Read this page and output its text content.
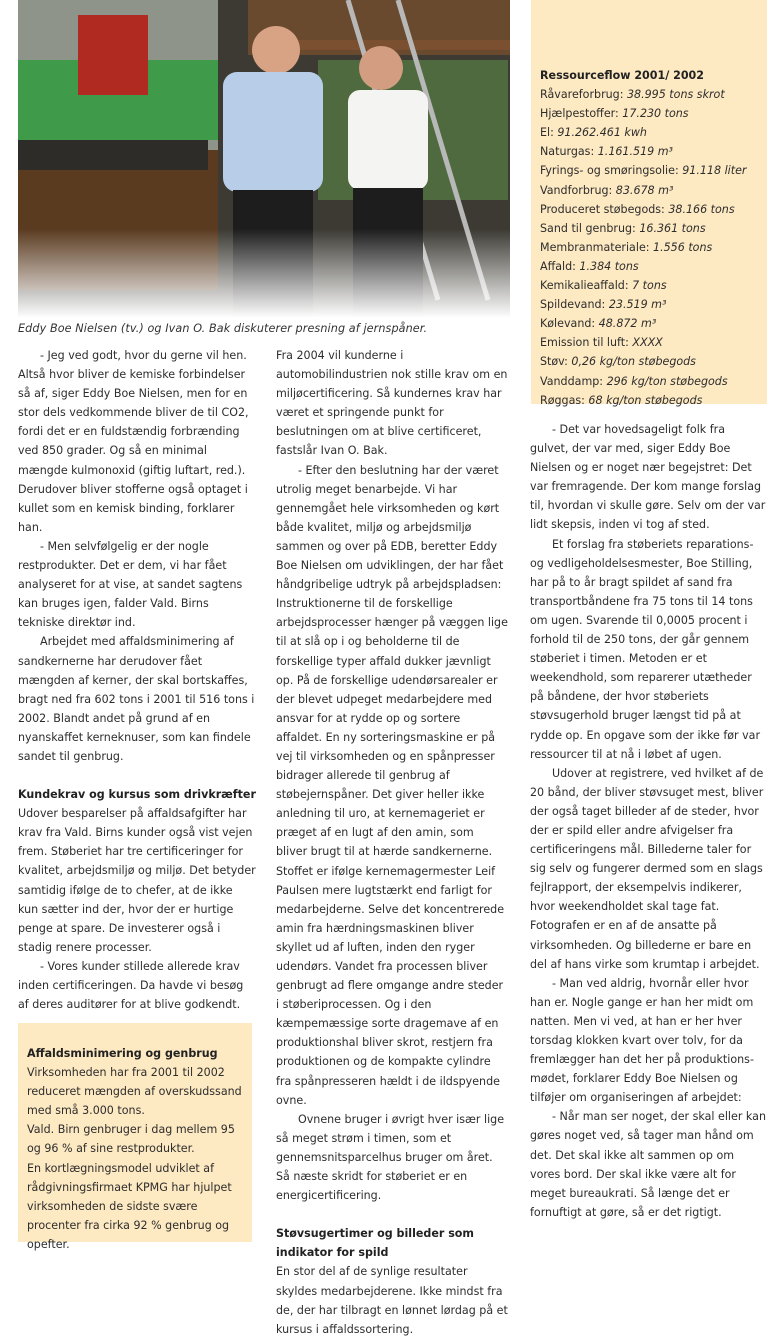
Eddy Boe Nielsen (tv.) og Ivan O. Bak diskuterer presning af jernspåner.
Ressourceflow 2001/ 2002
Råvareforbrug: 38.995 tons skrot
Hjælpestoffer: 17.230 tons
El: 91.262.461 kwh
Naturgas: 1.161.519 m³
Fyrings- og smøringsolie: 91.118 liter
Vandforbrug: 83.678 m³
Produceret støbegods: 38.166 tons
Sand til genbrug: 16.361 tons
Membranmateriale: 1.556 tons
Affald: 1.384 tons
Kemikalieaffald: 7 tons
Spildevand: 23.519 m³
Kølevand: 48.872 m³
Emission til luft: XXXX
Støv: 0,26 kg/ton støbegods
Vanddamp: 296 kg/ton støbegods
Røggas: 68 kg/ton støbegods

- Jeg ved godt, hvor du gerne vil hen. Altså hvor bliver de kemiske forbindelser så af, siger Eddy Boe Nielsen, men for en stor dels vedkommende bliver de til CO2, fordi det er en fuldstændig forbrænding ved 850 grader. Og så en minimal mængde kulmonoxid (giftig luftart, red.). Derudover bliver stofferne også optaget i kullet som en kemisk binding, forklarer han.

- Men selvfølgelig er der nogle restprodukter. Det er dem, vi har fået analyseret for at vise, at sandet sagtens kan bruges igen, falder Vald. Birns tekniske direktør ind.

Arbejdet med affaldsminimering af sandkernerne har derudover fået mængden af kerner, der skal bortskaffes, bragt ned fra 602 tons i 2001 til 516 tons i 2002. Blandt andet på grund af en nyanskaffet kerneknuser, som kan findele sandet til genbrug.

Kundekrav og kursus som drivkræfter

Udover besparelser på affaldsafgifter har krav fra Vald. Birns kunder også vist vejen frem. Støberiet har tre certificeringer for kvalitet, arbejdsmiljø og miljø. Det betyder samtidig ifølge de to chefer, at de ikke kun sætter ind der, hvor der er hurtige penge at spare. De investerer også i stadig renere processer.

- Vores kunder stillede allerede krav inden certificeringen. Da havde vi besøg af deres auditører for at blive godkendt.

Affaldsminimering og genbrug
Virksomheden har fra 2001 til 2002 reduceret mængden af overskudssand med små 3.000 tons.
Vald. Birn genbruger i dag mellem 95 og 96 % af sine restprodukter.
En kortlægningsmodel udviklet af rådgivningsfirmaet KPMG har hjulpet virksomheden de sidste svære procenter fra cirka 92 % genbrug og opefter.

Fra 2004 vil kunderne i automobilindustrien nok stille krav om en miljøcertificering. Så kundernes krav har været et springende punkt for beslutningen om at blive certificeret, fastslår Ivan O. Bak.

- Efter den beslutning har der været utrolig meget benarbejde. Vi har gennemgået hele virksomheden og kørt både kvalitet, miljø og arbejdsmiljø sammen og over på EDB, beretter Eddy Boe Nielsen om udviklingen, der har fået håndgribelige udtryk på arbejdspladsen: Instruktionerne til de forskellige arbejdsprocesser hænger på væggen lige til at slå op i og beholderne til de forskellige typer affald dukker jævnligt op. På de forskellige udendørsarealer er der blevet udpeget medarbejdere med ansvar for at rydde op og sortere affaldet. En ny sorteringsmaskine er på vej til virksomheden og en spånpresser bidrager allerede til genbrug af støbejernspåner. Det giver heller ikke anledning til uro, at kernemageriet er præget af en lugt af den amin, som bliver brugt til at hærde sandkernerne. Stoffet er ifølge kernemagermester Leif Paulsen mere lugtstærkt end farligt for medarbejderne. Selve det koncentrerede amin fra hærdningsmaskinen bliver skyllet ud af luften, inden den ryger udendørs. Vandet fra processen bliver genbrugt ad flere omgange andre steder i støberiprocessen. Og i den kæmpemæssige sorte dragemave af en produktionshal bliver skrot, restjern fra produktionen og de kompakte cylindre fra spånpresseren hældt i de ildspyende ovne.

Ovnene bruger i øvrigt hver især lige så meget strøm i timen, som et gennemsnitsparcelhus bruger om året. Så næste skridt for støberiet er en energicertificering.

Støvsugertimer og billeder som indikator for spild

En stor del af de synlige resultater skyldes medarbejderene. Ikke mindst fra de, der har tilbragt en lønnet lørdag på et kursus i affaldssortering.

- Det var hovedsageligt folk fra gulvet, der var med, siger Eddy Boe Nielsen og er noget nær begejstret: Det var fremragende. Der kom mange forslag til, hvordan vi skulle gøre. Selv om der var lidt skepsis, inden vi tog af sted.

Et forslag fra støberiets reparations- og vedligeholdelsesmester, Boe Stilling, har på to år bragt spildet af sand fra transportbåndene fra 75 tons til 14 tons om ugen. Svarende til 0,0005 procent i forhold til de 250 tons, der går gennem støberiet i timen. Metoden er et weekendhold, som reparerer utætheder på båndene, der hvor støberiets støvsugerhold bruger længst tid på at rydde op. En opgave som der ikke før var ressourcer til at nå i løbet af ugen.

Udover at registrere, ved hvilket af de 20 bånd, der bliver støvsuget mest, bliver der også taget billeder af de steder, hvor der er spild eller andre afvigelser fra certificeringens mål. Billederne taler for sig selv og fungerer dermed som en slags fejlrapport, der eksempelvis indikerer, hvor weekendholdet skal tage fat. Fotografen er en af de ansatte på virksomheden. Og billederne er bare en del af hans virke som krumtap i arbejdet.

- Man ved aldrig, hvornår eller hvor han er. Nogle gange er han her midt om natten. Men vi ved, at han er her hver torsdag klokken kvart over tolv, for da fremlægger han det her på produktions-mødet, forklarer Eddy Boe Nielsen og tilføjer om organiseringen af arbejdet:

- Når man ser noget, der skal eller kan gøres noget ved, så tager man hånd om det. Det skal ikke alt sammen op om vores bord. Der skal ikke være alt for meget bureaukrati. Så længe det er fornuftigt at gøre, så er det rigtigt.
